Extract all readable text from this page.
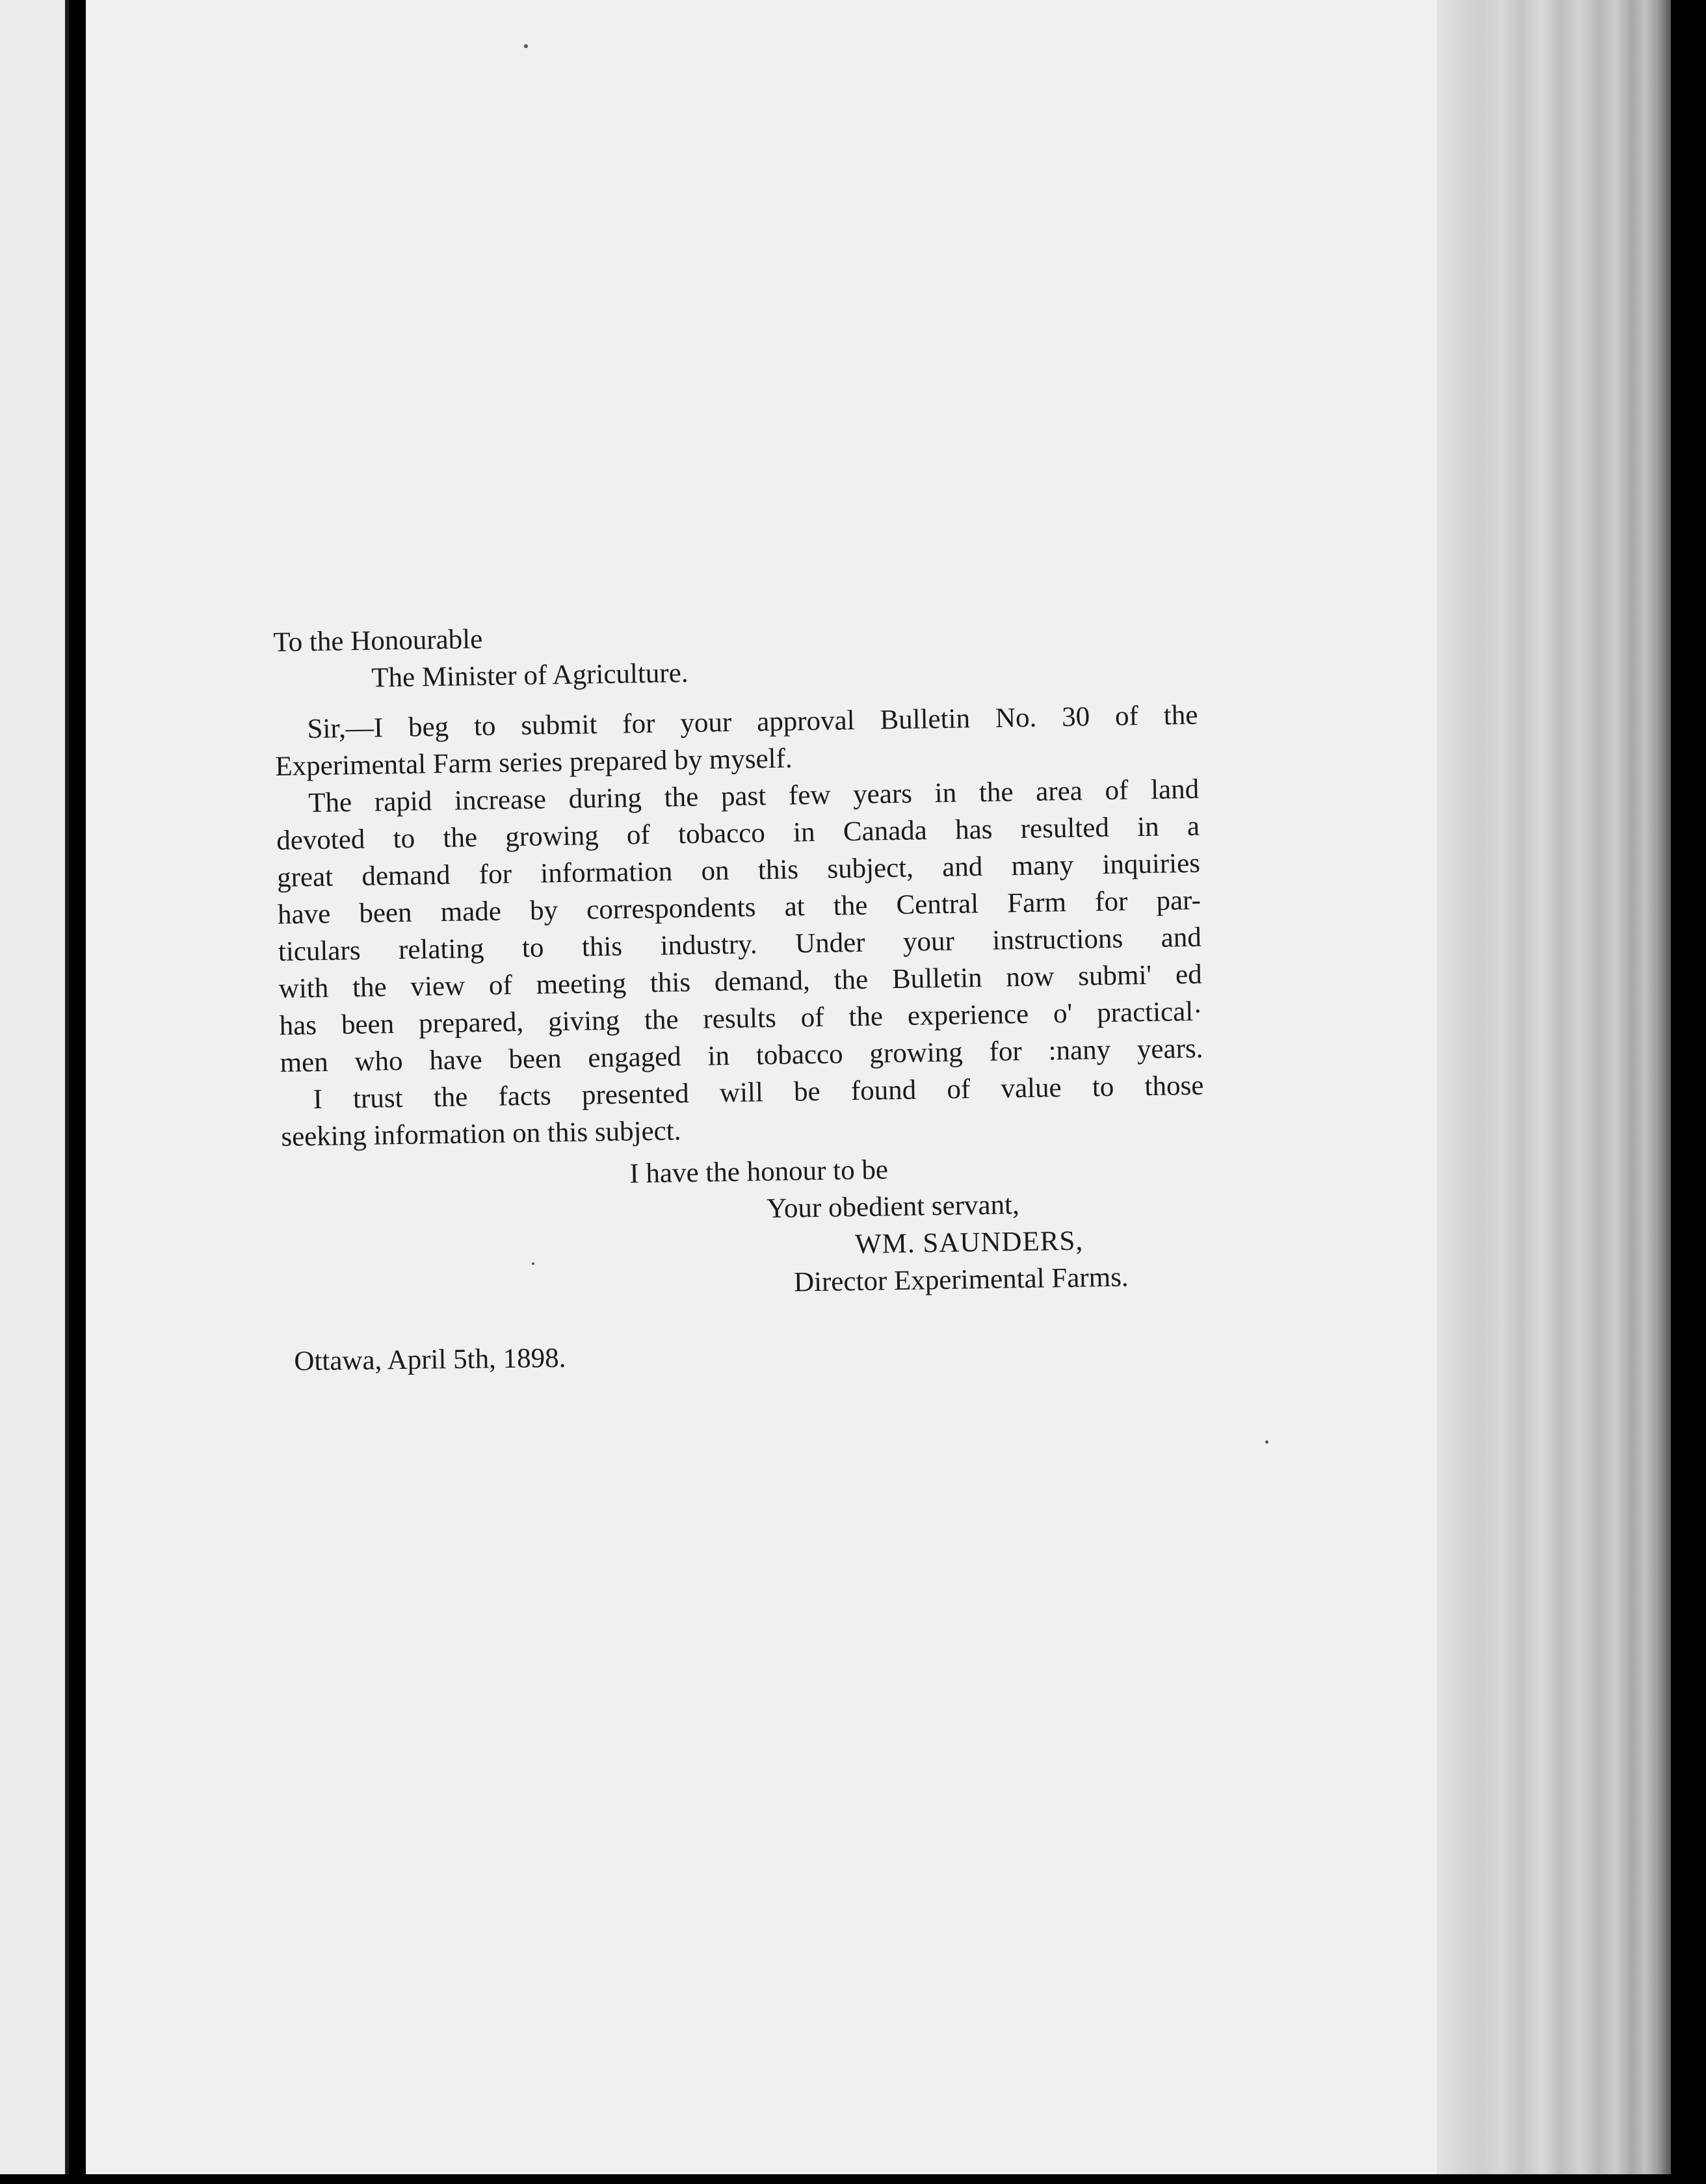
To the Honourable
The Minister of Agriculture.
Sir,—I beg to submit for your approval Bulletin No. 30 of the
Experimental Farm series prepared by myself.
The rapid increase during the past few years in the area of land
devoted to the growing of tobacco in Canada has resulted in a
great demand for information on this subject, and many inquiries
have been made by correspondents at the Central Farm for par-
ticulars relating to this industry. Under your instructions and
with the view of meeting this demand, the Bulletin now submi' ed
has been prepared, giving the results of the experience o' practical·
men who have been engaged in tobacco growing for :nany years.
I trust the facts presented will be found of value to those
seeking information on this subject.
I have the honour to be
Your obedient servant,
WM. SAUNDERS,
Director Experimental Farms.
Ottawa, April 5th, 1898.
